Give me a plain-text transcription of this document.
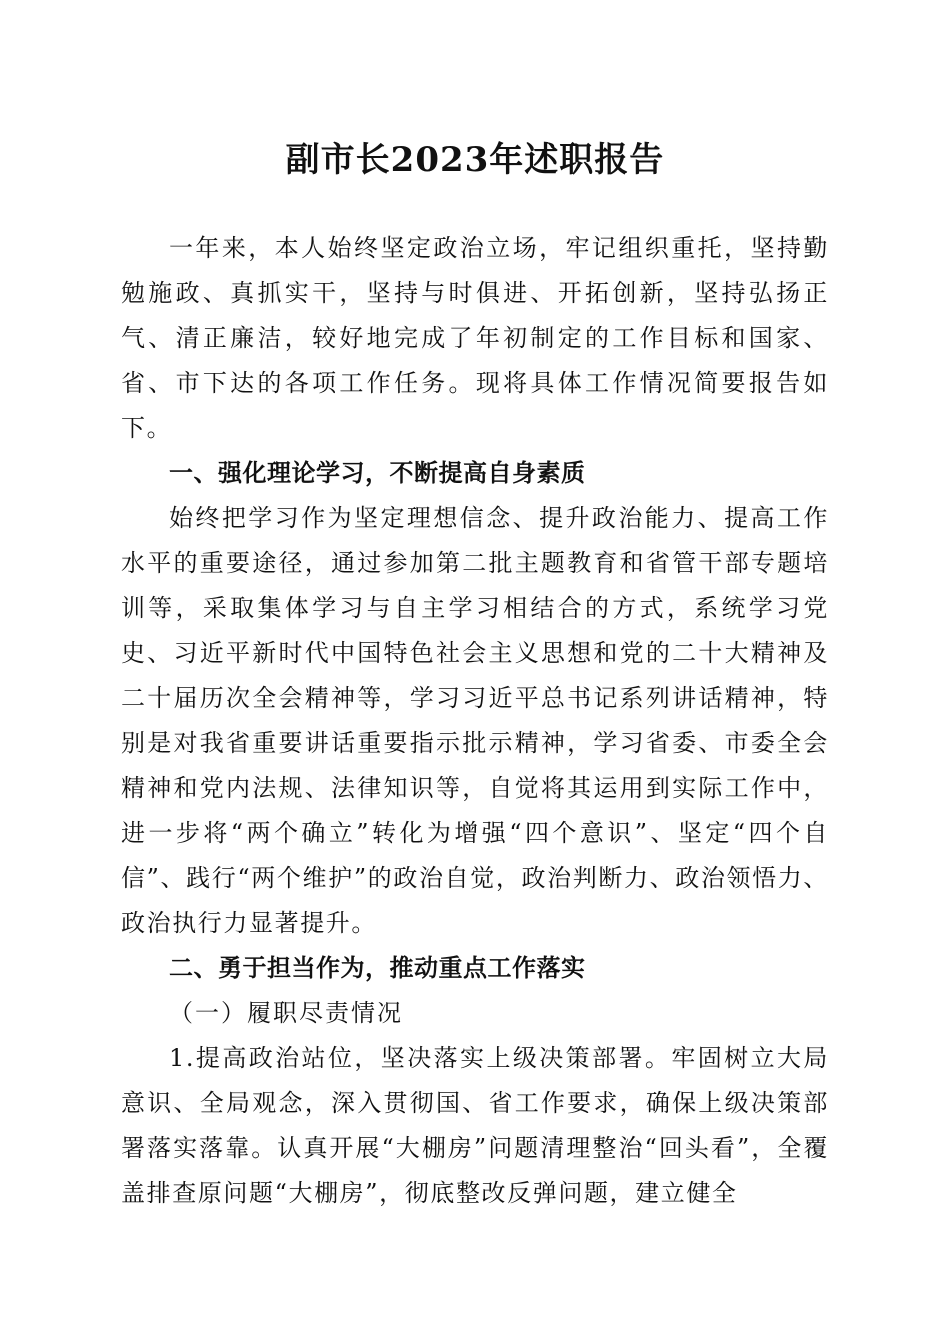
副市长2023年述职报告

一年来，本人始终坚定政治立场，牢记组织重托，坚持勤勉施政、真抓实干，坚持与时俱进、开拓创新，坚持弘扬正气、清正廉洁，较好地完成了年初制定的工作目标和国家、省、市下达的各项工作任务。现将具体工作情况简要报告如下。

一、强化理论学习，不断提高自身素质

始终把学习作为坚定理想信念、提升政治能力、提高工作水平的重要途径，通过参加第二批主题教育和省管干部专题培训等，采取集体学习与自主学习相结合的方式，系统学习党史、习近平新时代中国特色社会主义思想和党的二十大精神及二十届历次全会精神等，学习习近平总书记系列讲话精神，特别是对我省重要讲话重要指示批示精神，学习省委、市委全会精神和党内法规、法律知识等，自觉将其运用到实际工作中，进一步将“两个确立”转化为增强“四个意识”、坚定“四个自信”、践行“两个维护”的政治自觉，政治判断力、政治领悟力、政治执行力显著提升。

二、勇于担当作为，推动重点工作落实

（一）履职尽责情况

1.提高政治站位，坚决落实上级决策部署。牢固树立大局意识、全局观念，深入贯彻国、省工作要求，确保上级决策部署落实落靠。认真开展“大棚房”问题清理整治“回头看”，全覆盖排查原问题“大棚房”，彻底整改反弹问题，建立健全
